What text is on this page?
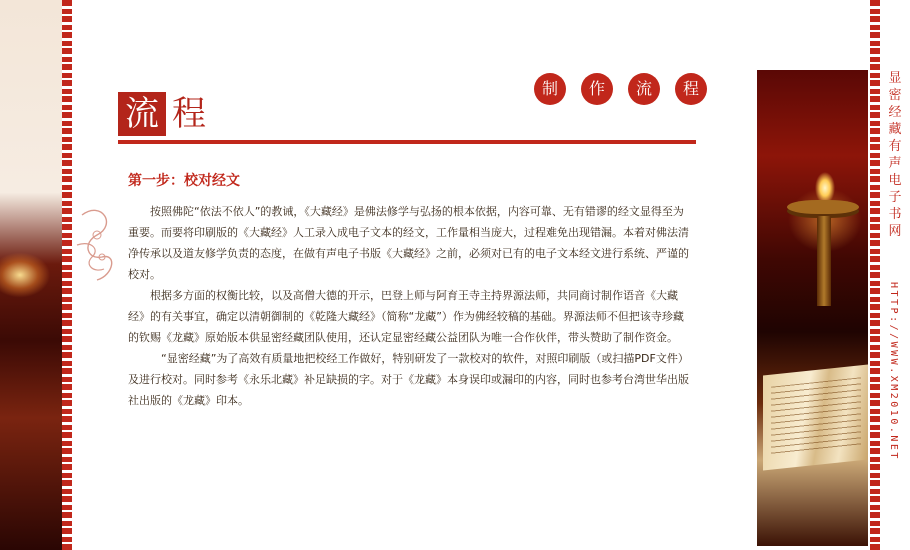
流 程
制	作	流	程
第一步：校对经文

按照佛陀“依法不依人”的教诫，《大藏经》是佛法修学与弘扬的根本依据，内容可靠、无有错谬的经文显得至为重要。而要将印刷版的《大藏经》人工录入成电子文本的经文，工作量相当庞大，过程难免出现错漏。本着对佛法清净传承以及道友修学负责的态度，在做有声电子书版《大藏经》之前，必须对已有的电子文本经文进行系统、严谨的校对。

根据多方面的权衡比较，以及高僧大德的开示，巴登上师与阿育王寺主持界源法师，共同商讨制作语音《大藏经》的有关事宜，确定以清朝御制的《乾隆大藏经》（简称“龙藏”）作为佛经较稿的基础。界源法师不但把该寺珍藏的钦赐《龙藏》原始版本供显密经藏团队使用，还认定显密经藏公益团队为唯一合作伙伴，带头赞助了制作资金。

“显密经藏”为了高效有质量地把校经工作做好，特别研发了一款校对的软件，对照印刷版（或扫描PDF文件）及进行校对。同时参考《永乐北藏》补足缺损的字。对于《龙藏》本身误印或漏印的内容，同时也参考台湾世华出版社出版的《龙藏》印本。

显
密
经
藏
有
声
电
子
书
网
HTTP://WWW.XM2010.NET
